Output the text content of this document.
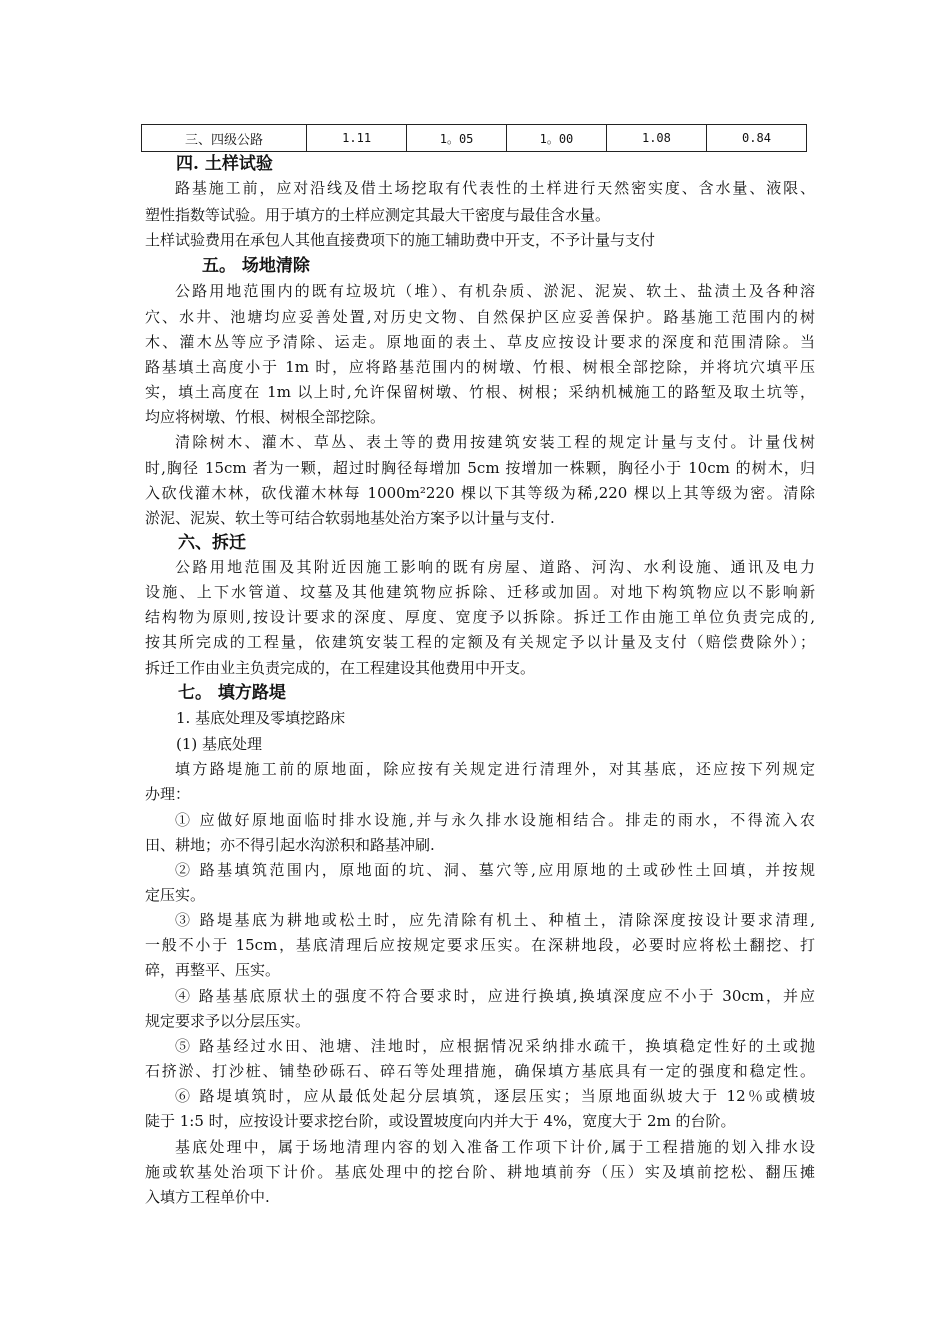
三、四级公路	1.11	1。05	1。00	1.08	0.84
四. 土样试验
路基施工前，应对沿线及借土场挖取有代表性的土样进行天然密实度、含水量、液限、
塑性指数等试验。用于填方的土样应测定其最大干密度与最佳含水量。
土样试验费用在承包人其他直接费项下的施工辅助费中开支，不予计量与支付
五。 场地清除
公路用地范围内的既有垃圾坑（堆）、有机杂质、淤泥、泥炭、软土、盐渍土及各种溶
穴、水井、池塘均应妥善处置,对历史文物、自然保护区应妥善保护。路基施工范围内的树
木、灌木丛等应予清除、运走。原地面的表土、草皮应按设计要求的深度和范围清除。当
路基填土高度小于 1m 时，应将路基范围内的树墩、竹根、树根全部挖除，并将坑穴填平压
实，填土高度在 1m 以上时,允许保留树墩、竹根、树根；采纳机械施工的路堑及取土坑等，
均应将树墩、竹根、树根全部挖除。
清除树木、灌木、草丛、表土等的费用按建筑安装工程的规定计量与支付。计量伐树
时,胸径 15cm 者为一颗，超过时胸径每增加 5cm 按增加一株颗，胸径小于 10cm 的树木，归
入砍伐灌木林，砍伐灌木林每 1000m²220 棵以下其等级为稀,220 棵以上其等级为密。清除
淤泥、泥炭、软土等可结合软弱地基处治方案予以计量与支付.
六、拆迁
公路用地范围及其附近因施工影响的既有房屋、道路、河沟、水利设施、通讯及电力
设施、上下水管道、坟墓及其他建筑物应拆除、迁移或加固。对地下构筑物应以不影响新
结构物为原则,按设计要求的深度、厚度、宽度予以拆除。拆迁工作由施工单位负责完成的,
按其所完成的工程量，依建筑安装工程的定额及有关规定予以计量及支付（赔偿费除外）；
拆迁工作由业主负责完成的，在工程建设其他费用中开支。
七。 填方路堤
1. 基底处理及零填挖路床
(1) 基底处理
填方路堤施工前的原地面，除应按有关规定进行清理外，对其基底，还应按下列规定
办理：
① 应做好原地面临时排水设施,并与永久排水设施相结合。排走的雨水，不得流入农
田、耕地；亦不得引起水沟淤积和路基冲刷.
② 路基填筑范围内，原地面的坑、洞、墓穴等,应用原地的土或砂性土回填，并按规
定压实。
③ 路堤基底为耕地或松土时，应先清除有机土、种植土，清除深度按设计要求清理,
一般不小于 15cm，基底清理后应按规定要求压实。在深耕地段，必要时应将松土翻挖、打
碎，再整平、压实。
④ 路基基底原状土的强度不符合要求时，应进行换填,换填深度应不小于 30cm，并应
规定要求予以分层压实。
⑤ 路基经过水田、池塘、洼地时，应根据情况采纳排水疏干，换填稳定性好的土或抛
石挤淤、打沙桩、铺垫砂砾石、碎石等处理措施，确保填方基底具有一定的强度和稳定性。
⑥ 路堤填筑时，应从最低处起分层填筑，逐层压实；当原地面纵坡大于 12％或横坡
陡于 1:5 时，应按设计要求挖台阶，或设置坡度向内并大于 4%，宽度大于 2m 的台阶。
基底处理中，属于场地清理内容的划入准备工作项下计价,属于工程措施的划入排水设
施或软基处治项下计价。基底处理中的挖台阶、耕地填前夯（压）实及填前挖松、翻压摊
入填方工程单价中.
